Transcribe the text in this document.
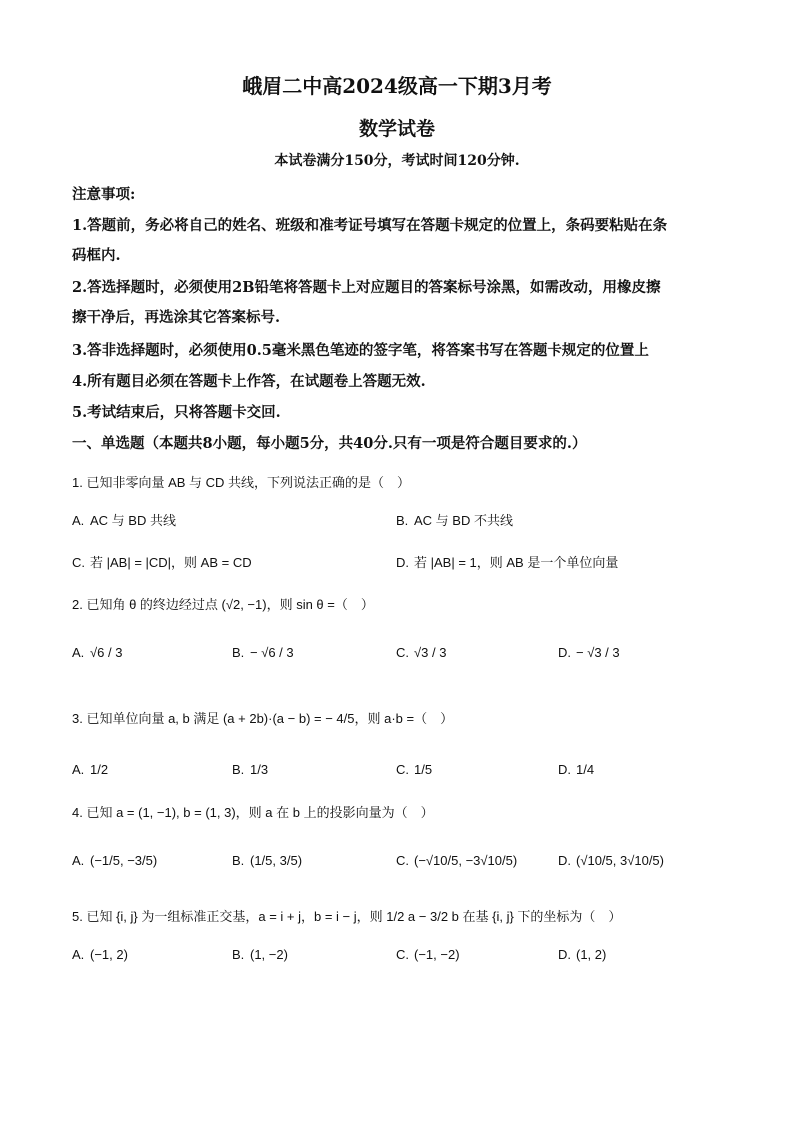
峨眉二中高2024级高一下期3月考
数学试卷
本试卷满分150分，考试时间120分钟.
注意事项:
1.答题前，务必将自己的姓名、班级和准考证号填写在答题卡规定的位置上，条码要粘贴在条
码框内.
2.答选择题时，必须使用2B铅笔将答题卡上对应题目的答案标号涂黑，如需改动，用橡皮擦
擦干净后，再选涂其它答案标号.
3.答非选择题时，必须使用0.5毫米黑色笔迹的签字笔，将答案书写在答题卡规定的位置上
4.所有题目必须在答题卡上作答，在试题卷上答题无效.
5.考试结束后，只将答题卡交回.
一、单选题（本题共8小题，每小题5分，共40分.只有一项是符合题目要求的.）
1. 已知非零向量 AB 与 CD 共线，下列说法正确的是（　）
A. AC 与 BD 共线	B. AC 与 BD 不共线
C. 若 |AB| = |CD|，则 AB = CD	D. 若 |AB| = 1，则 AB 是一个单位向量
2. 已知角 θ 的终边经过点 (√2, −1)，则 sin θ =（　）
A. √6 / 3	B. − √6 / 3	C. √3 / 3	D. − √3 / 3
3. 已知单位向量 a, b 满足 (a + 2b)·(a − b) = − 4/5，则 a·b =（　）
A. 1/2	B. 1/3	C. 1/5	D. 1/4
4. 已知 a = (1, −1), b = (1, 3)，则 a 在 b 上的投影向量为（　）
A. (−1/5, −3/5)	B. (1/5, 3/5)	C. (−√10/5, −3√10/5)	D. (√10/5, 3√10/5)
5. 已知 {i, j} 为一组标准正交基，a = i + j，b = i − j，则 1/2 a − 3/2 b 在基 {i, j} 下的坐标为（　）
A. (−1, 2)	B. (1, −2)	C. (−1, −2)	D. (1, 2)
